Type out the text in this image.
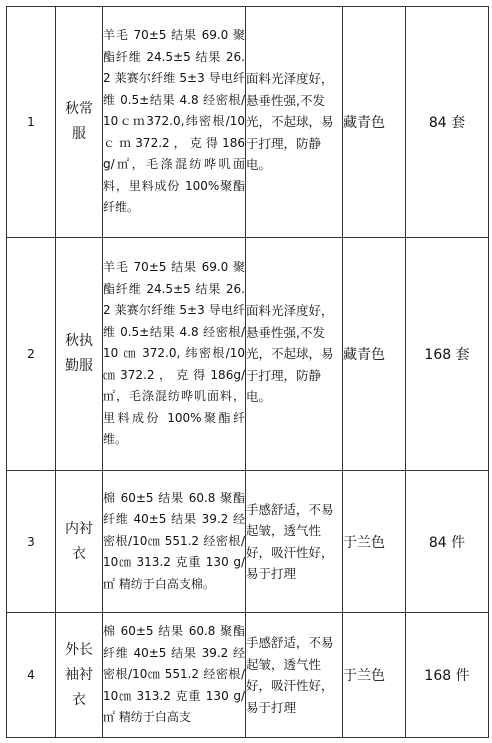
1	秋常服	羊毛 70±5 结果 69.0 聚酯纤维 24.5±5 结果 26.2 莱赛尔纤维 5±3 导电纤维 0.5±结果 4.8 经密根/10ｃｍ372.0,纬密根/10ｃ ｍ 372.2 ， 克 得 186g/㎡，毛涤混纺哗叽面料，里料成份 100%聚酯纤维。	面料光泽度好，悬垂性强,不发光，不起球，易于打理，防静电。	藏青色	84 套
2	秋执勤服	羊毛 70±5 结果 69.0 聚酯纤维 24.5±5 结果 26.2 莱赛尔纤维 5±3 导电纤维 0.5±结果 4.8 经密根/10 ㎝ 372.0, 纬密根/10㎝ 372.2 ， 克 得 186g/㎡，毛涤混纺哗叽面料，里料成份 100%聚酯纤维。	面料光泽度好，悬垂性强,不发光，不起球，易于打理，防静电。	藏青色	168 套
3	内衬衣	棉 60±5 结果 60.8 聚酯纤维 40±5 结果 39.2 经密根/10㎝ 551.2 经密根/10㎝ 313.2 克重 130 g/㎡ 精纺于白高支棉。	手感舒适，不易起皱，透气性好，吸汗性好，易于打理	于兰色	84 件
4	外长袖衬衣	棉 60±5 结果 60.8 聚酯纤维 40±5 结果 39.2 经密根/10㎝ 551.2 经密根/10㎝ 313.2 克重 130 g/㎡ 精纺于白高支	手感舒适，不易起皱，透气性好，吸汗性好，易于打理	于兰色	168 件
